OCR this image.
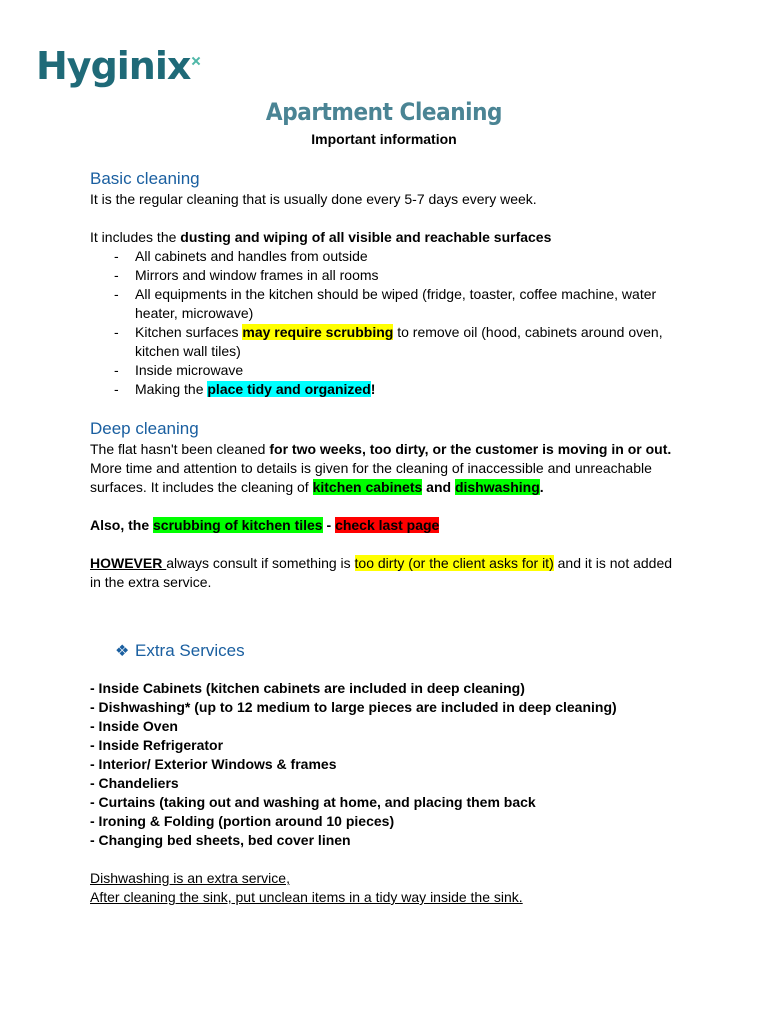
Hyginix
Apartment Cleaning
Important information
Basic cleaning

It is the regular cleaning that is usually done every 5-7 days every week.

It includes the dusting and wiping of all visible and reachable surfaces

- All cabinets and handles from outside
- Mirrors and window frames in all rooms
- All equipments in the kitchen should be wiped (fridge, toaster, coffee machine, water heater, microwave)
- Kitchen surfaces may require scrubbing to remove oil (hood, cabinets around oven, kitchen wall tiles)
- Inside microwave
- Making the place tidy and organized!
Deep cleaning

The flat hasn't been cleaned for two weeks, too dirty, or the customer is moving in or out. More time and attention to details is given for the cleaning of inaccessible and unreachable surfaces. It includes the cleaning of kitchen cabinets and dishwashing.

Also, the scrubbing of kitchen tiles - check last page

HOWEVER always consult if something is too dirty (or the client asks for it) and it is not added in the extra service.

❖ Extra Services
- Inside Cabinets (kitchen cabinets are included in deep cleaning)
- Dishwashing* (up to 12 medium to large pieces are included in deep cleaning)
- Inside Oven
- Inside Refrigerator
- Interior/ Exterior Windows & frames
- Chandeliers
- Curtains (taking out and washing at home, and placing them back
- Ironing & Folding (portion around 10 pieces)
- Changing bed sheets, bed cover linen

Dishwashing is an extra service,

After cleaning the sink, put unclean items in a tidy way inside the sink.
